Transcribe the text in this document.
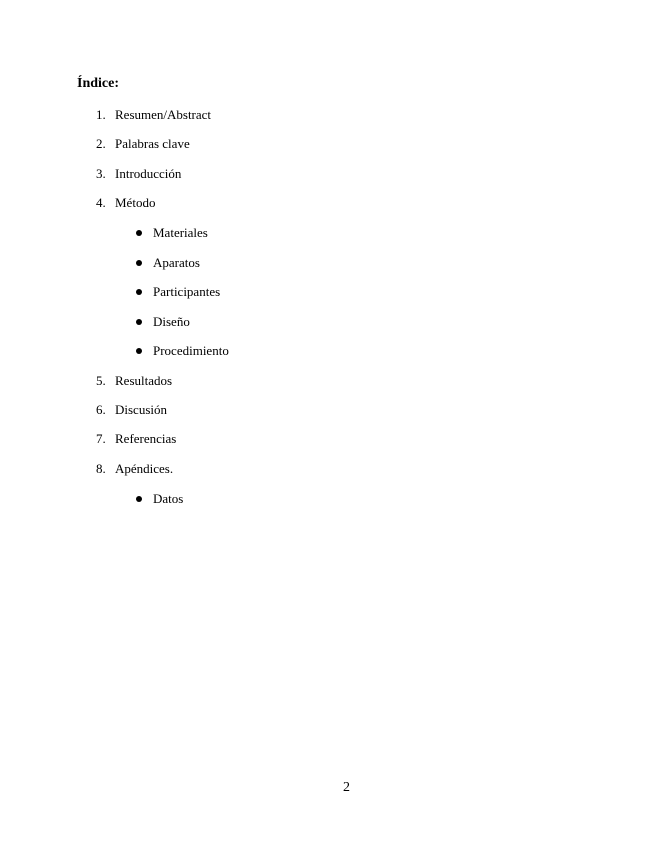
Índice:
1. Resumen/Abstract
2. Palabras clave
3. Introducción
4. Método
Materiales
Aparatos
Participantes
Diseño
Procedimiento
5. Resultados
6. Discusión
7. Referencias
8. Apéndices.
Datos
2
